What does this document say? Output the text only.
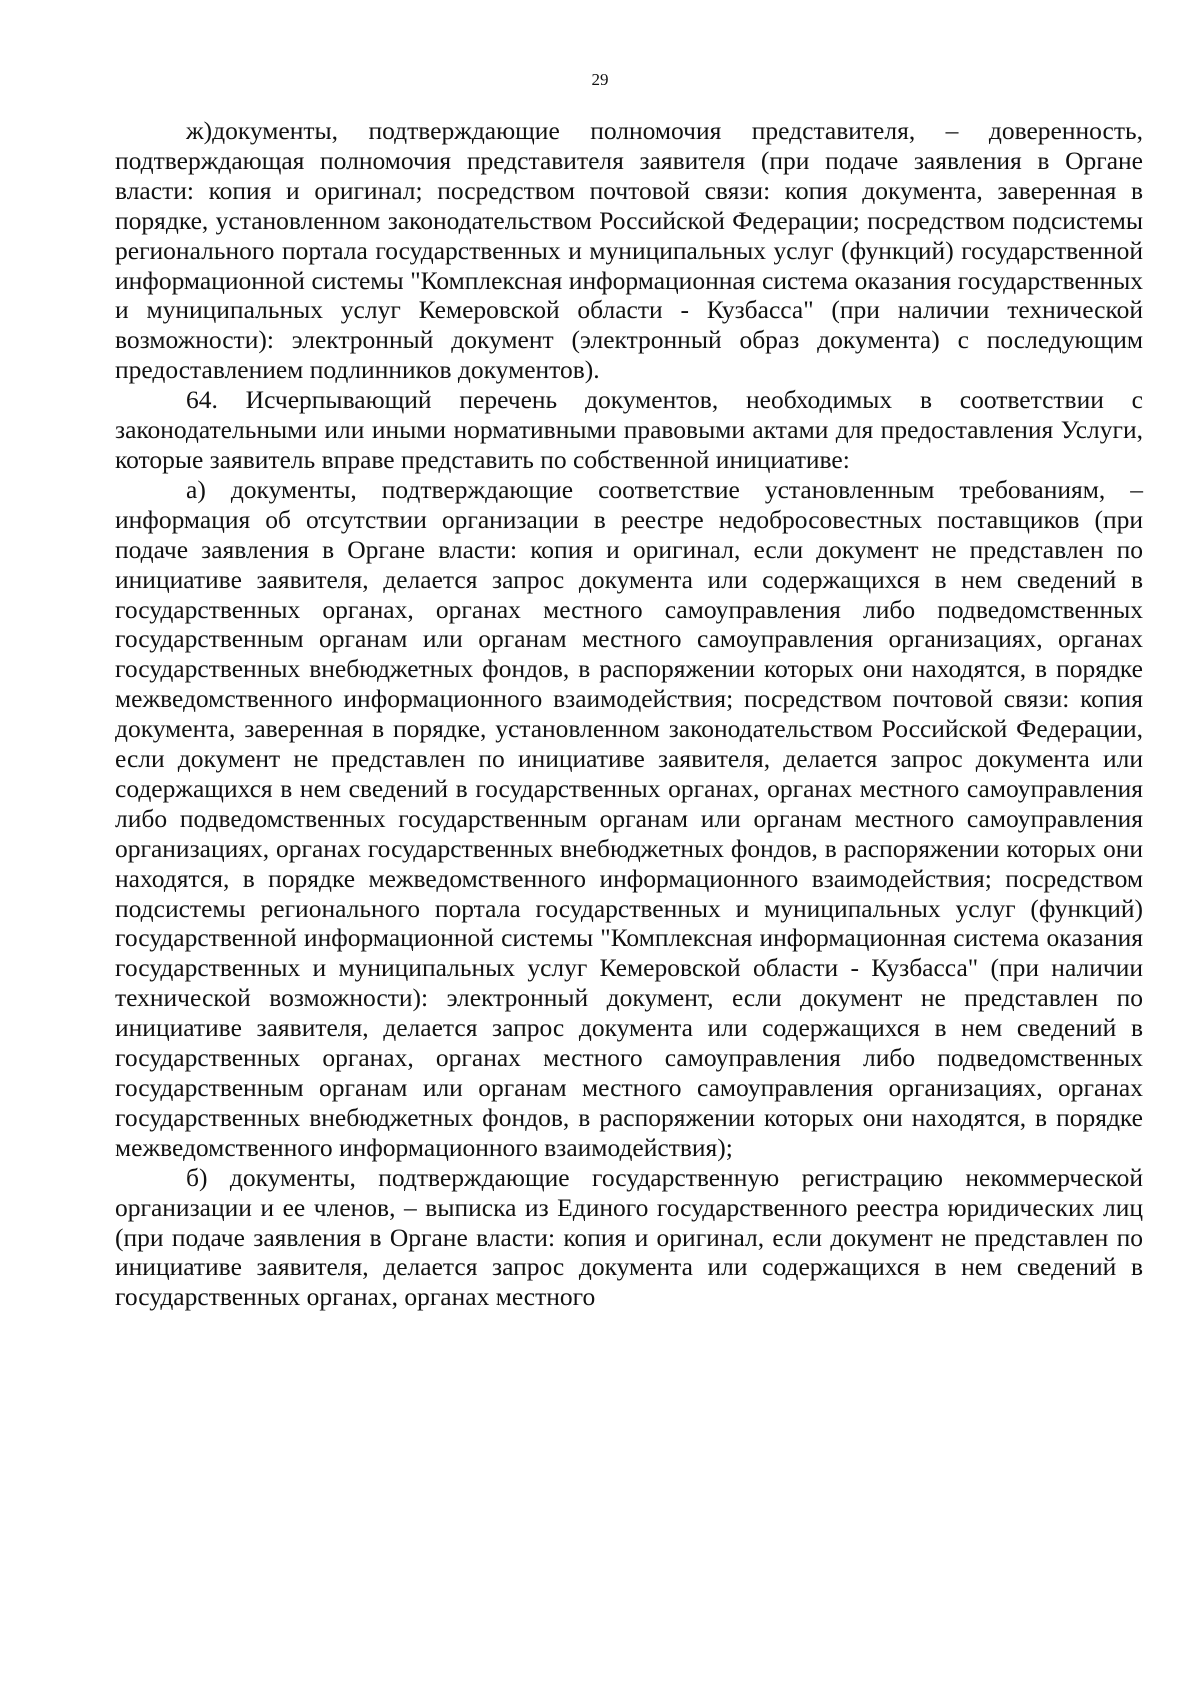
29

ж)документы, подтверждающие полномочия представителя, – доверенность, подтверждающая полномочия представителя заявителя (при подаче заявления в Органе власти: копия и оригинал; посредством почтовой связи: копия документа, заверенная в порядке, установленном законодательством Российской Федерации; посредством подсистемы регионального портала государственных и муниципальных услуг (функций) государственной информационной системы "Комплексная информационная система оказания государственных и муниципальных услуг Кемеровской области - Кузбасса" (при наличии технической возможности): электронный документ (электронный образ документа) с последующим предоставлением подлинников документов).

64. Исчерпывающий перечень документов, необходимых в соответствии с законодательными или иными нормативными правовыми актами для предоставления Услуги, которые заявитель вправе представить по собственной инициативе:

а) документы, подтверждающие соответствие установленным требованиям, – информация об отсутствии организации в реестре недобросовестных поставщиков (при подаче заявления в Органе власти: копия и оригинал, если документ не представлен по инициативе заявителя, делается запрос документа или содержащихся в нем сведений в государственных органах, органах местного самоуправления либо подведомственных государственным органам или органам местного самоуправления организациях, органах государственных внебюджетных фондов, в распоряжении которых они находятся, в порядке межведомственного информационного взаимодействия; посредством почтовой связи: копия документа, заверенная в порядке, установленном законодательством Российской Федерации, если документ не представлен по инициативе заявителя, делается запрос документа или содержащихся в нем сведений в государственных органах, органах местного самоуправления либо подведомственных государственным органам или органам местного самоуправления организациях, органах государственных внебюджетных фондов, в распоряжении которых они находятся, в порядке межведомственного информационного взаимодействия; посредством подсистемы регионального портала государственных и муниципальных услуг (функций) государственной информационной системы "Комплексная информационная система оказания государственных и муниципальных услуг Кемеровской области - Кузбасса" (при наличии технической возможности): электронный документ, если документ не представлен по инициативе заявителя, делается запрос документа или содержащихся в нем сведений в государственных органах, органах местного самоуправления либо подведомственных государственным органам или органам местного самоуправления организациях, органах государственных внебюджетных фондов, в распоряжении которых они находятся, в порядке межведомственного информационного взаимодействия);

б) документы, подтверждающие государственную регистрацию некоммерческой организации и ее членов, – выписка из Единого государственного реестра юридических лиц (при подаче заявления в Органе власти: копия и оригинал, если документ не представлен по инициативе заявителя, делается запрос документа или содержащихся в нем сведений в государственных органах, органах местного
